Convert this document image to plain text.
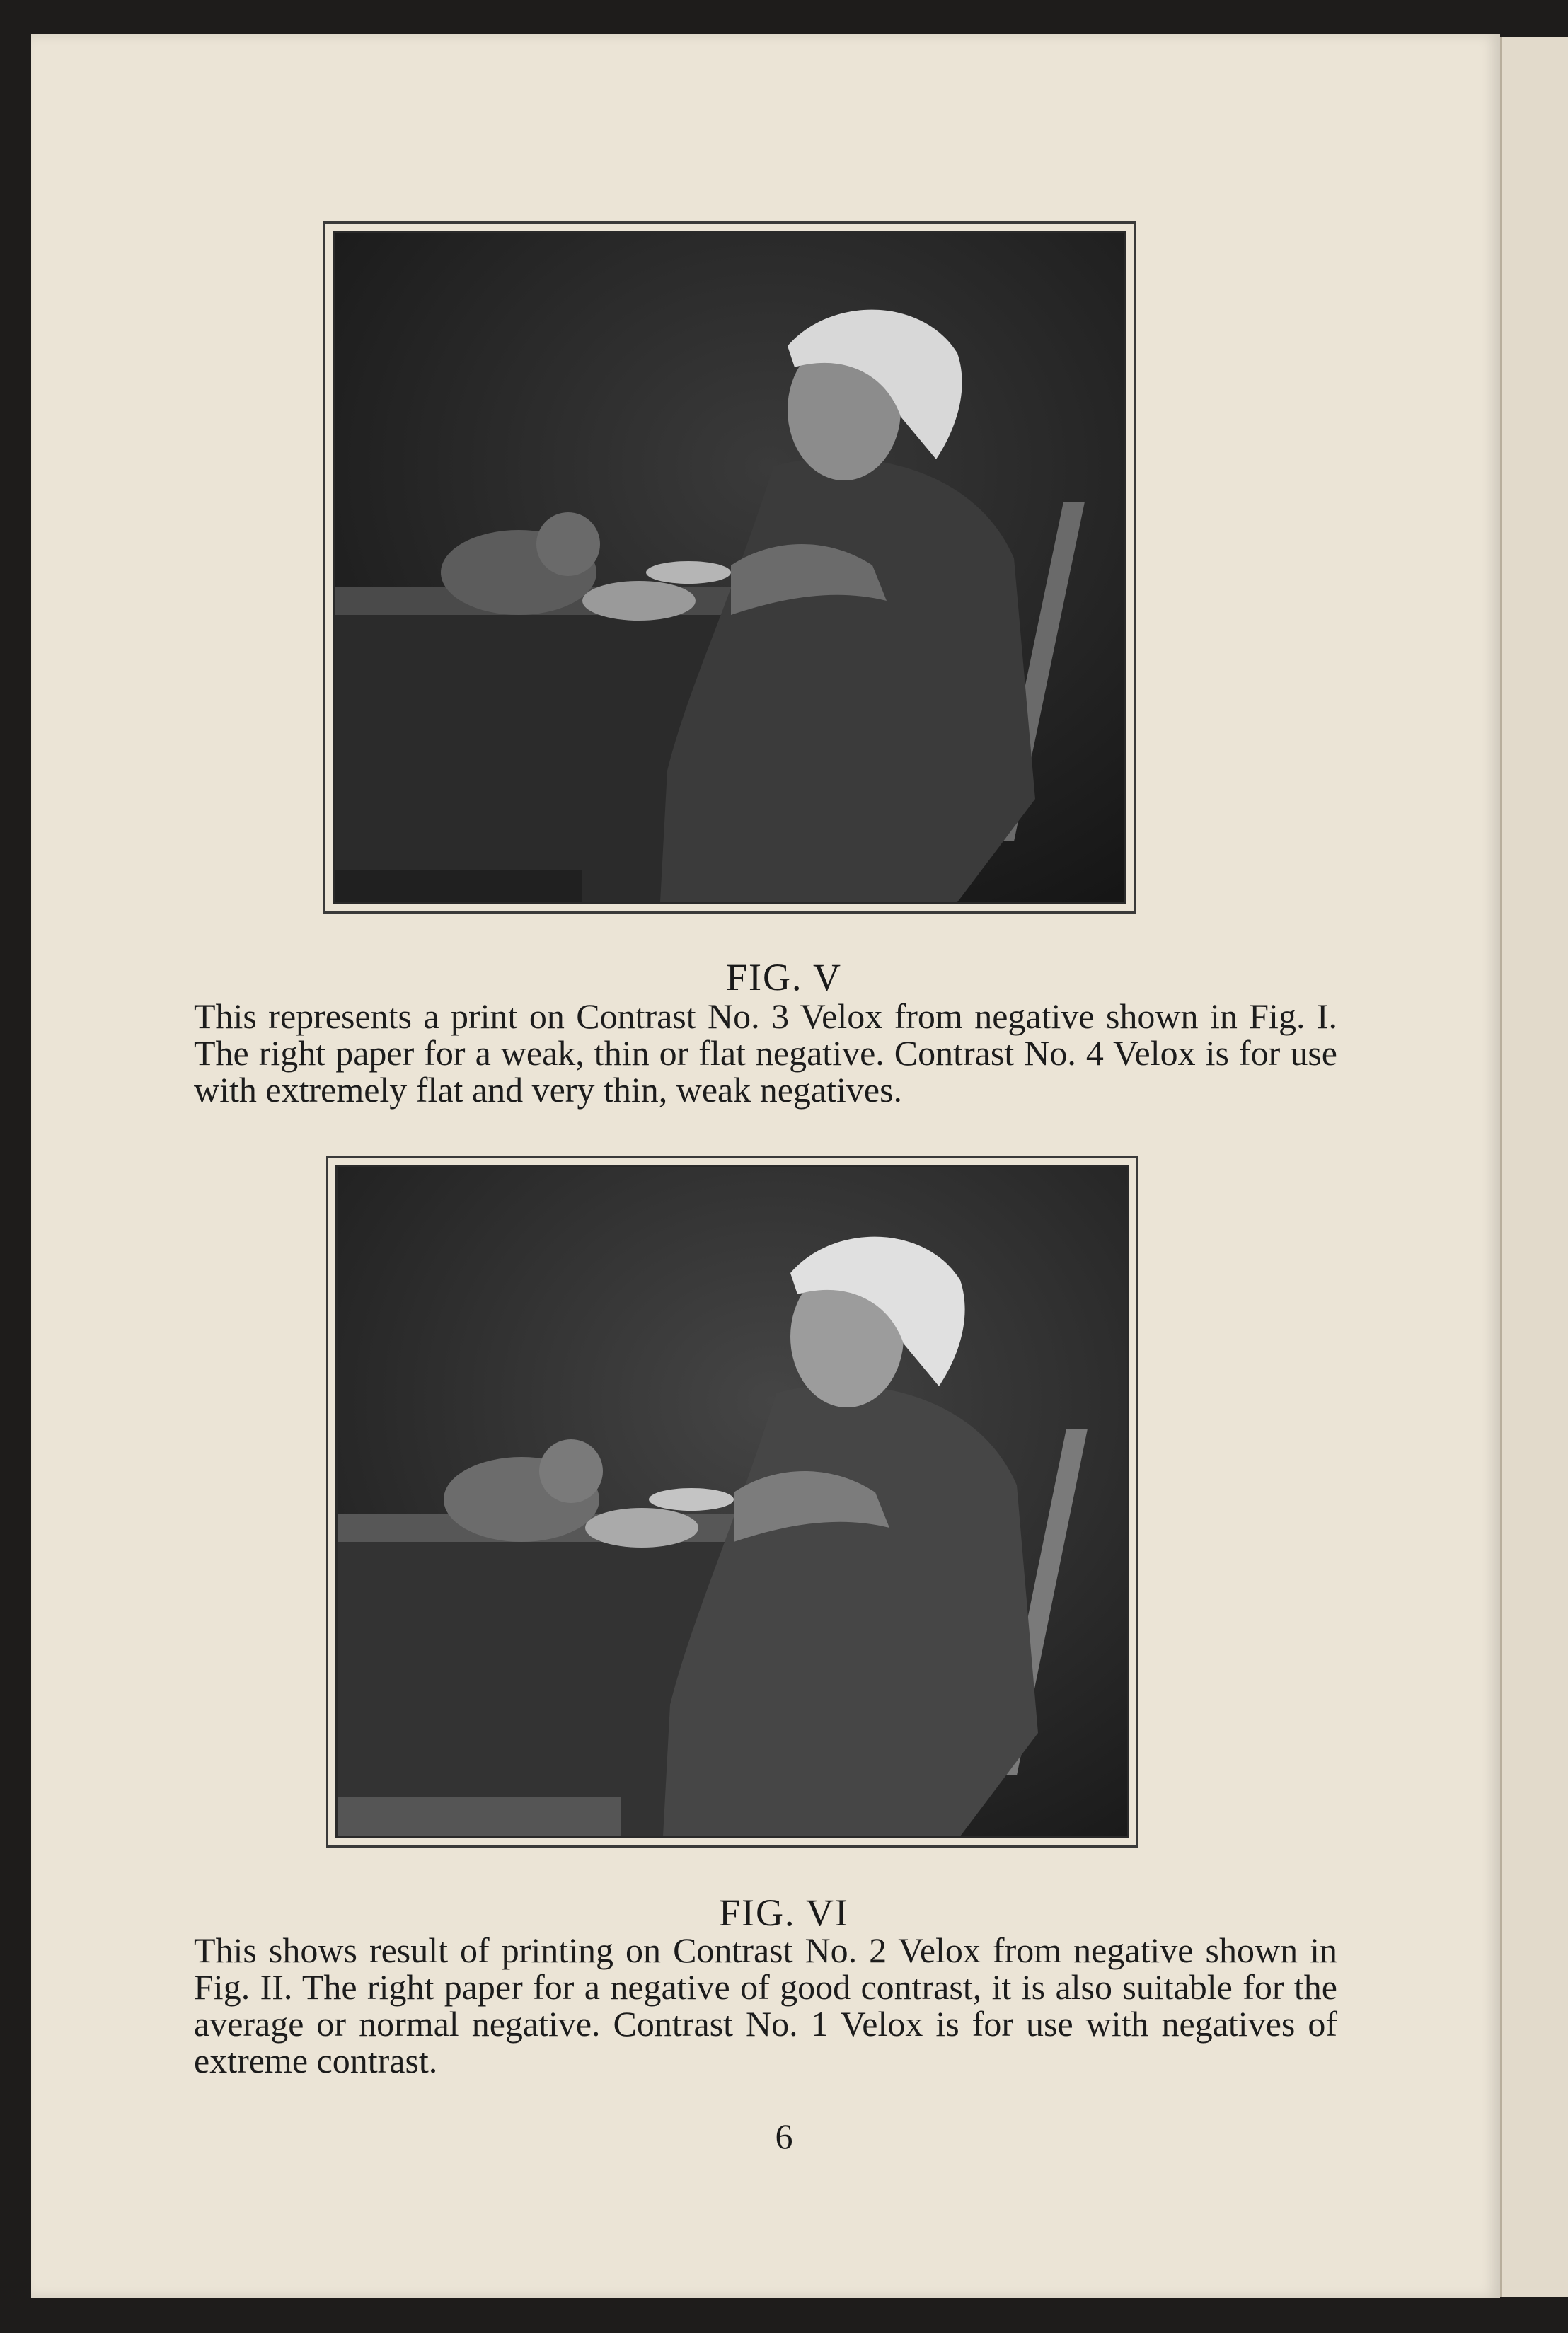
FIG. V
This represents a print on Contrast No. 3 Velox from negative shown in Fig. I. The right paper for a weak, thin or flat negative. Contrast No. 4 Velox is for use with extremely flat and very thin, weak negatives.
FIG. VI
This shows result of printing on Contrast No. 2 Velox from negative shown in Fig. II. The right paper for a negative of good contrast, it is also suitable for the average or normal negative. Contrast No. 1 Velox is for use with negatives of extreme contrast.
6
